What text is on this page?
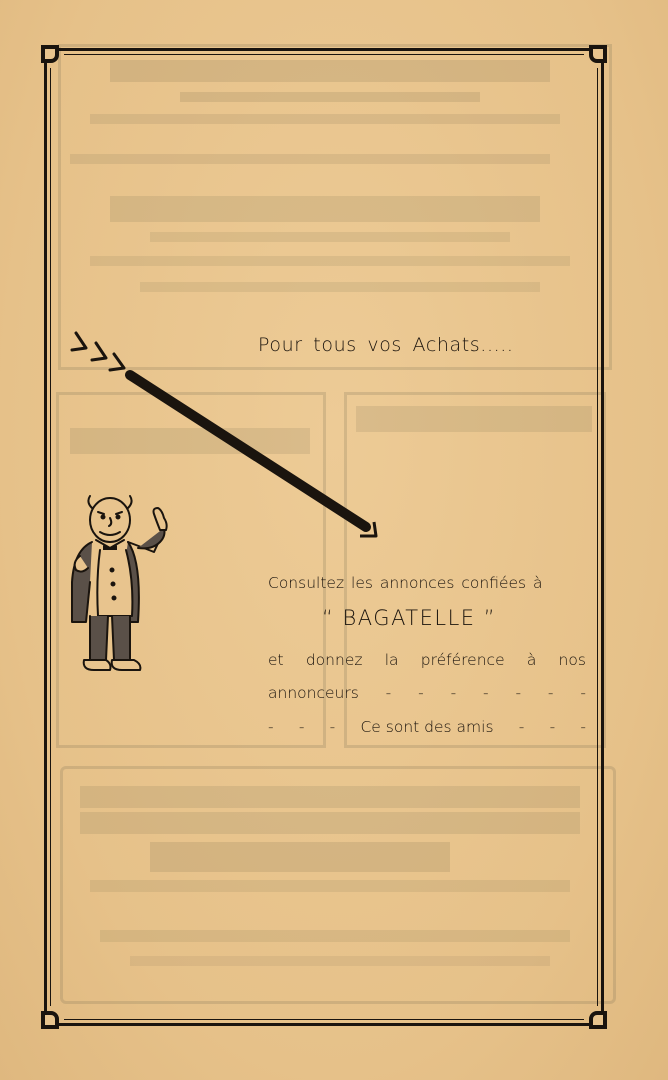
Pour tous vos Achats.....
Consultez les annonces confiées à
“ BAGATELLE ”
et donnez la préférence à nos
annonceurs - - - - - - -
- - - Ce sont des amis - - -
